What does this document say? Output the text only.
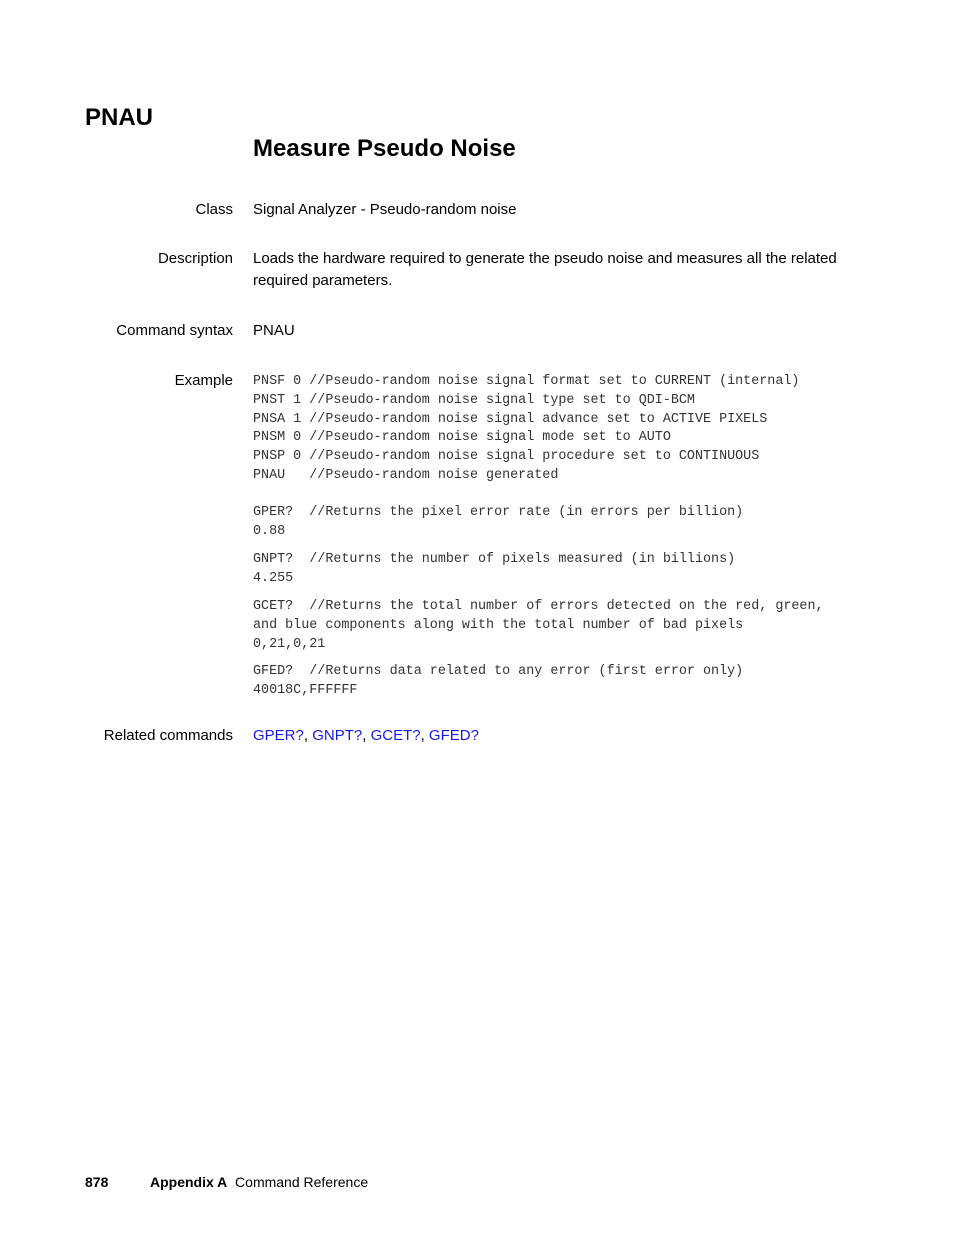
PNAU
Measure Pseudo Noise
Class Signal Analyzer - Pseudo-random noise
Description Loads the hardware required to generate the pseudo noise and measures all the related required parameters.
Command syntax PNAU
Example PNSF 0 //Pseudo-random noise signal format set to CURRENT (internal)
PNST 1 //Pseudo-random noise signal type set to QDI-BCM
PNSA 1 //Pseudo-random noise signal advance set to ACTIVE PIXELS
PNSM 0 //Pseudo-random noise signal mode set to AUTO
PNSP 0 //Pseudo-random noise signal procedure set to CONTINUOUS
PNAU   //Pseudo-random noise generated
GPER?  //Returns the pixel error rate (in errors per billion)
0.88
GNPT?  //Returns the number of pixels measured (in billions)
4.255
GCET?  //Returns the total number of errors detected on the red, green,
and blue components along with the total number of bad pixels
0,21,0,21
GFED?  //Returns data related to any error (first error only)
40018C,FFFFFF
Related commands GPER?, GNPT?, GCET?, GFED?
878	Appendix A Command Reference
